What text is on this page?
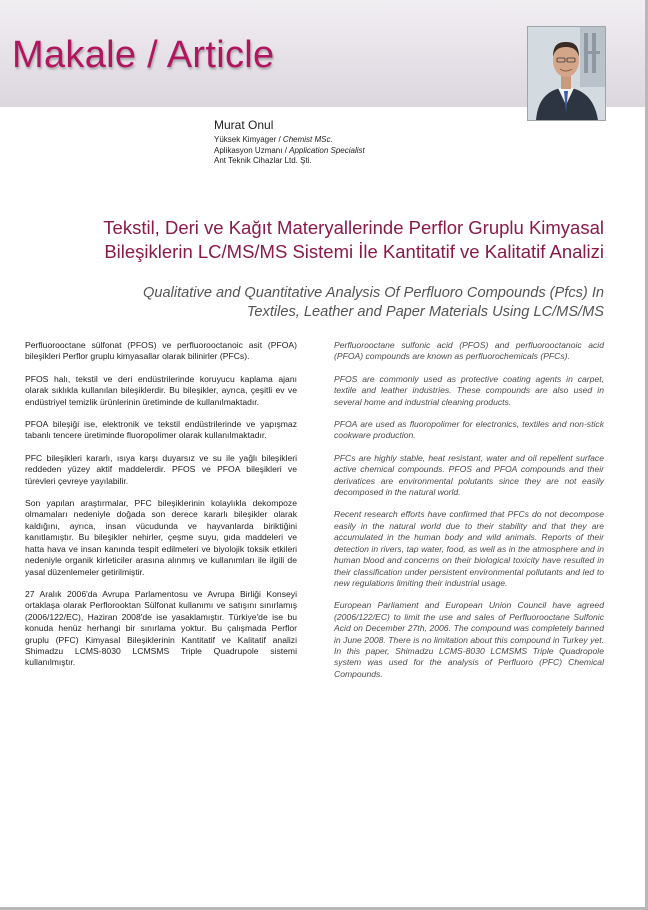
Makale / Article
Murat Onul
Yüksek Kimyager / Chemist MSc.
Aplikasyon Uzmanı / Application Specialist
Ant Teknik Cihazlar Ltd. Şti.
Tekstil, Deri ve Kağıt Materyallerinde Perflor Gruplu Kimyasal
Bileşiklerin LC/MS/MS Sistemi İle Kantitatif ve Kalitatif Analizi
Qualitative and Quantitative Analysis Of Perfluoro Compounds (Pfcs) In
Textiles, Leather and Paper Materials Using LC/MS/MS

Perfluorooctane sülfonat (PFOS) ve perfluorooctanoic asit (PFOA) bileşikleri Perflor gruplu kimyasallar olarak bilinirler (PFCs).

PFOS halı, tekstil ve deri endüstrilerinde koruyucu kaplama ajanı olarak sıklıkla kullanılan bileşiklerdir. Bu bileşikler, ayrıca, çeşitli ev ve endüstriyel temizlik ürünlerinin üretiminde de kullanılmaktadır.

PFOA bileşiği ise, elektronik ve tekstil endüstrilerinde ve yapışmaz tabanlı tencere üretiminde fluoropolimer olarak kullanılmaktadır.

PFC bileşikleri kararlı, ısıya karşı duyarsız ve su ile yağlı bileşikleri reddeden yüzey aktif maddelerdir. PFOS ve PFOA bileşikleri ve türevleri çevreye yayılabilir.

Son yapılan araştırmalar, PFC bileşiklerinin kolaylıkla dekompoze olmamaları nedeniyle doğada son derece kararlı bileşikler olarak kaldığını, ayrıca, insan vücudunda ve hayvanlarda biriktiğini kanıtlamıştır. Bu bileşikler nehirler, çeşme suyu, gıda maddeleri ve hatta hava ve insan kanında tespit edilmeleri ve biyolojik toksik etkileri nedeniyle organik kirleticiler arasına alınmış ve kullanımları ile ilgili de yasal düzenlemeler getirilmiştir.

27 Aralık 2006'da Avrupa Parlamentosu ve Avrupa Birliği Konseyi ortaklaşa olarak Perflorooktan Sülfonat kullanımı ve satışını sınırlamış (2006/122/EC), Haziran 2008'de ise yasaklamıştır. Türkiye'de ise bu konuda henüz herhangi bir sınırlama yoktur. Bu çalışmada Perflor gruplu (PFC) Kimyasal Bileşiklerinin Kantitatif ve Kalitatif analizi Shimadzu LCMS-8030 LCMSMS Triple Quadrupole sistemi kullanılmıştır.

Perfluorooctane sulfonic acid (PFOS) and perfluorooctanoic acid (PFOA) compounds are known as perfluorochemicals (PFCs).

PFOS are commonly used as protective coating agents in carpet, textile and leather industries. These compounds are also used in several home and industrial cleaning products.

PFOA are used as fluoropolimer for electronics, textiles and non-stick cookware production.

PFCs are highly stable, heat resistant, water and oil repellent surface active chemical compounds. PFOS and PFOA compounds and their derivatices are environmental polutants since they are not easily decomposed in the natural world.

Recent research efforts have confirmed that PFCs do not decompose easily in the natural world due to their stability and that they are accumulated in the human body and wild animals. Reports of their detection in rivers, tap water, food, as well as in the atmosphere and in human blood and concerns on their biological toxicity have resulted in their classification under persistent environmental pollutants and led to new regulations limiting their industrial usage.

European Parliament and European Union Council have agreed (2006/122/EC) to limit the use and sales of Perfluorooctane Sulfonic Acid on December 27th, 2006. The compound was completely banned in June 2008. There is no limitation about this compound in Turkey yet. In this paper, Shimadzu LCMS-8030 LCMSMS Triple Quadropole system was used for the analysis of Perfluoro (PFC) Chemical Compounds.
